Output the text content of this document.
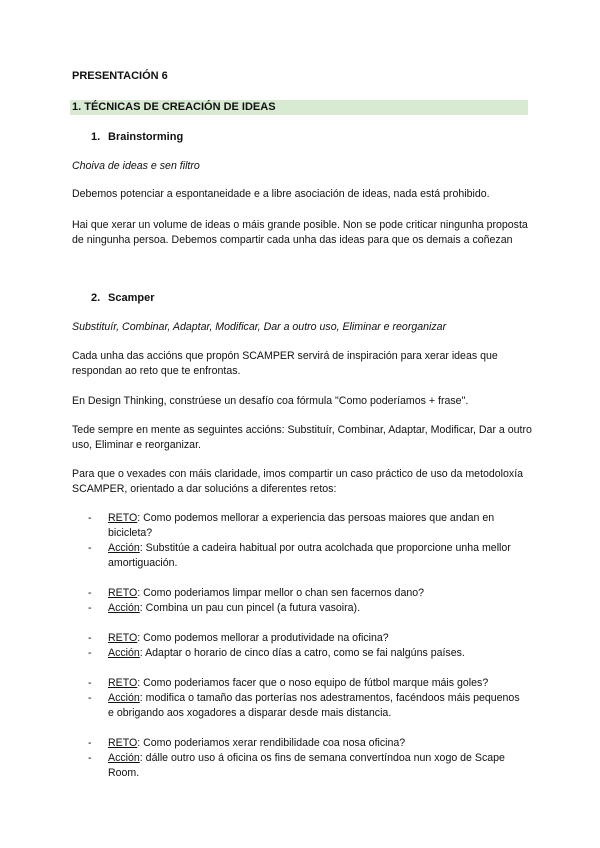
PRESENTACIÓN 6
1. TÉCNICAS DE CREACIÓN DE IDEAS
1. Brainstorming
Choiva de ideas e sen filtro
Debemos potenciar a espontaneidade e a libre asociación de ideas, nada está prohibido.
Hai que xerar un volume de ideas o máis grande posible. Non se pode criticar ningunha proposta de ningunha persoa. Debemos compartir cada unha das ideas para que os demais a coñezan
2. Scamper
Substituír, Combinar, Adaptar, Modificar, Dar a outro uso, Eliminar e reorganizar
Cada unha das accións que propón SCAMPER servirá de inspiración para xerar ideas que respondan ao reto que te enfrontas.
En Design Thinking, constrúese un desafío coa fórmula "Como poderíamos + frase".
Tede sempre en mente as seguintes accións: Substituír, Combinar, Adaptar, Modificar, Dar a outro uso, Eliminar e reorganizar.
Para que o vexades con máis claridade, imos compartir un caso práctico de uso da metodoloxía SCAMPER, orientado a dar solucións a diferentes retos:
- RETO: Como podemos mellorar a experiencia das persoas maiores que andan en bicicleta?
- Acción: Substitúe a cadeira habitual por outra acolchada que proporcione unha mellor amortiguación.
- RETO: Como poderiamos limpar mellor o chan sen facernos dano?
- Acción: Combina un pau cun pincel (a futura vasoira).
- RETO: Como podemos mellorar a produtividade na oficina?
- Acción: Adaptar o horario de cinco días a catro, como se fai nalgúns países.
- RETO: Como poderiamos facer que o noso equipo de fútbol marque máis goles?
- Acción: modifica o tamaño das porterías nos adestramentos, facéndoos máis pequenos e obrigando aos xogadores a disparar desde mais distancia.
- RETO: Como poderiamos xerar rendibilidade coa nosa oficina?
- Acción: dálle outro uso á oficina os fins de semana convertíndoa nun xogo de Scape Room.
